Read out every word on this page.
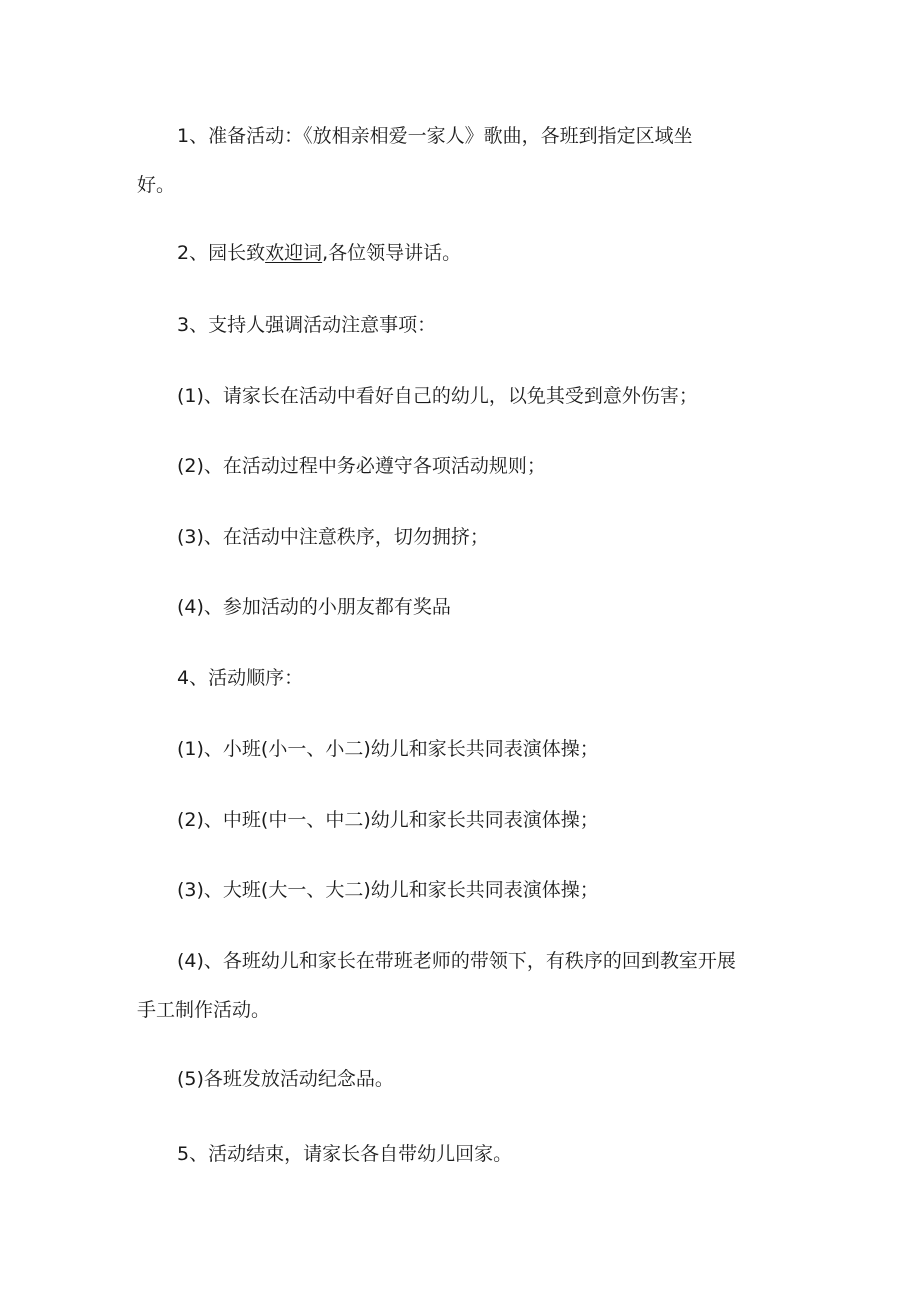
1、准备活动：《放相亲相爱一家人》歌曲，各班到指定区域坐
好。
2、园长致欢迎词,各位领导讲话。
3、支持人强调活动注意事项：
(1)、请家长在活动中看好自己的幼儿，以免其受到意外伤害；
(2)、在活动过程中务必遵守各项活动规则；
(3)、在活动中注意秩序，切勿拥挤；
(4)、参加活动的小朋友都有奖品
4、活动顺序：
(1)、小班(小一、小二)幼儿和家长共同表演体操；
(2)、中班(中一、中二)幼儿和家长共同表演体操；
(3)、大班(大一、大二)幼儿和家长共同表演体操；
(4)、各班幼儿和家长在带班老师的带领下，有秩序的回到教室开展
手工制作活动。
(5)各班发放活动纪念品。
5、活动结束，请家长各自带幼儿回家。
